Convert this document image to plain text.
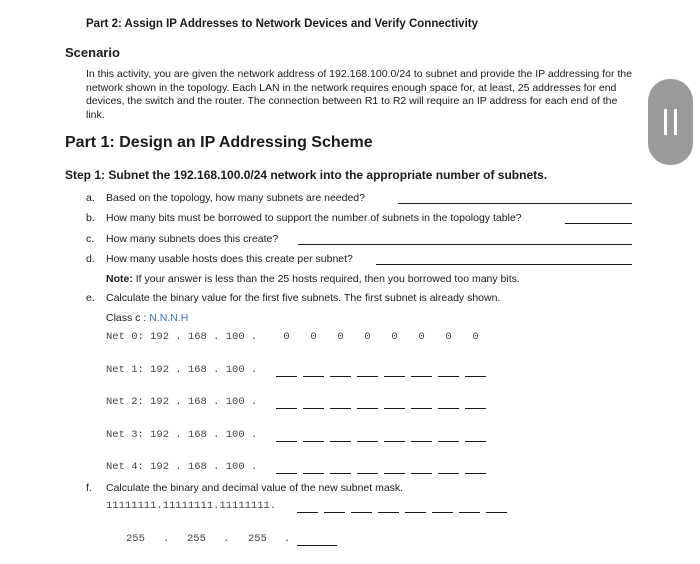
Part 2: Assign IP Addresses to Network Devices and Verify Connectivity
Scenario
In this activity, you are given the network address of 192.168.100.0/24 to subnet and provide the IP addressing for the network shown in the topology. Each LAN in the network requires enough space for, at least, 25 addresses for end devices, the switch and the router. The connection between R1 to R2 will require an IP address for each end of the link.
Part 1: Design an IP Addressing Scheme
Step 1: Subnet the 192.168.100.0/24 network into the appropriate number of subnets.
a. Based on the topology, how many subnets are needed?
b. How many bits must be borrowed to support the number of subnets in the topology table?
c. How many subnets does this create?
d. How many usable hosts does this create per subnet?
Note: If your answer is less than the 25 hosts required, then you borrowed too many bits.
e. Calculate the binary value for the first five subnets. The first subnet is already shown.
Class c : N.N.N.H
Net 0: 192 . 168 . 100 .	0	0	0	0	0	0	0	0
Net 1: 192 . 168 . 100 .
Net 2: 192 . 168 . 100 .
Net 3: 192 . 168 . 100 .
Net 4: 192 . 168 . 100 .
f. Calculate the binary and decimal value of the new subnet mask.
11111111.11111111.11111111.
255 . 255 . 255 .
